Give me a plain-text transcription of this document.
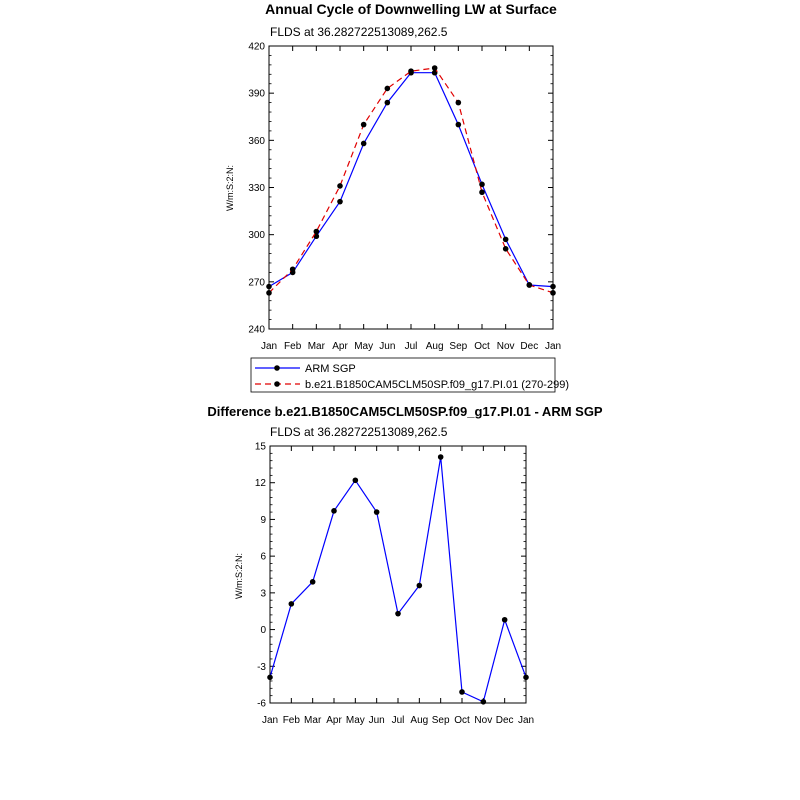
Annual Cycle of Downwelling LW at Surface
FLDS at 36.282722513089,262.5
W/m:S:2:N:
240
270
300
330
360
390
420
Jan Feb Mar Apr May Jun Jul Aug Sep Oct Nov Dec Jan
ARM SGP
b.e21.B1850CAM5CLM50SP.f09_g17.PI.01 (270-299)
Difference b.e21.B1850CAM5CLM50SP.f09_g17.PI.01 - ARM SGP
FLDS at 36.282722513089,262.5
W/m:S:2:N:
-6
-3
0
3
6
9
12
15
Jan Feb Mar Apr May Jun Jul Aug Sep Oct Nov Dec Jan
